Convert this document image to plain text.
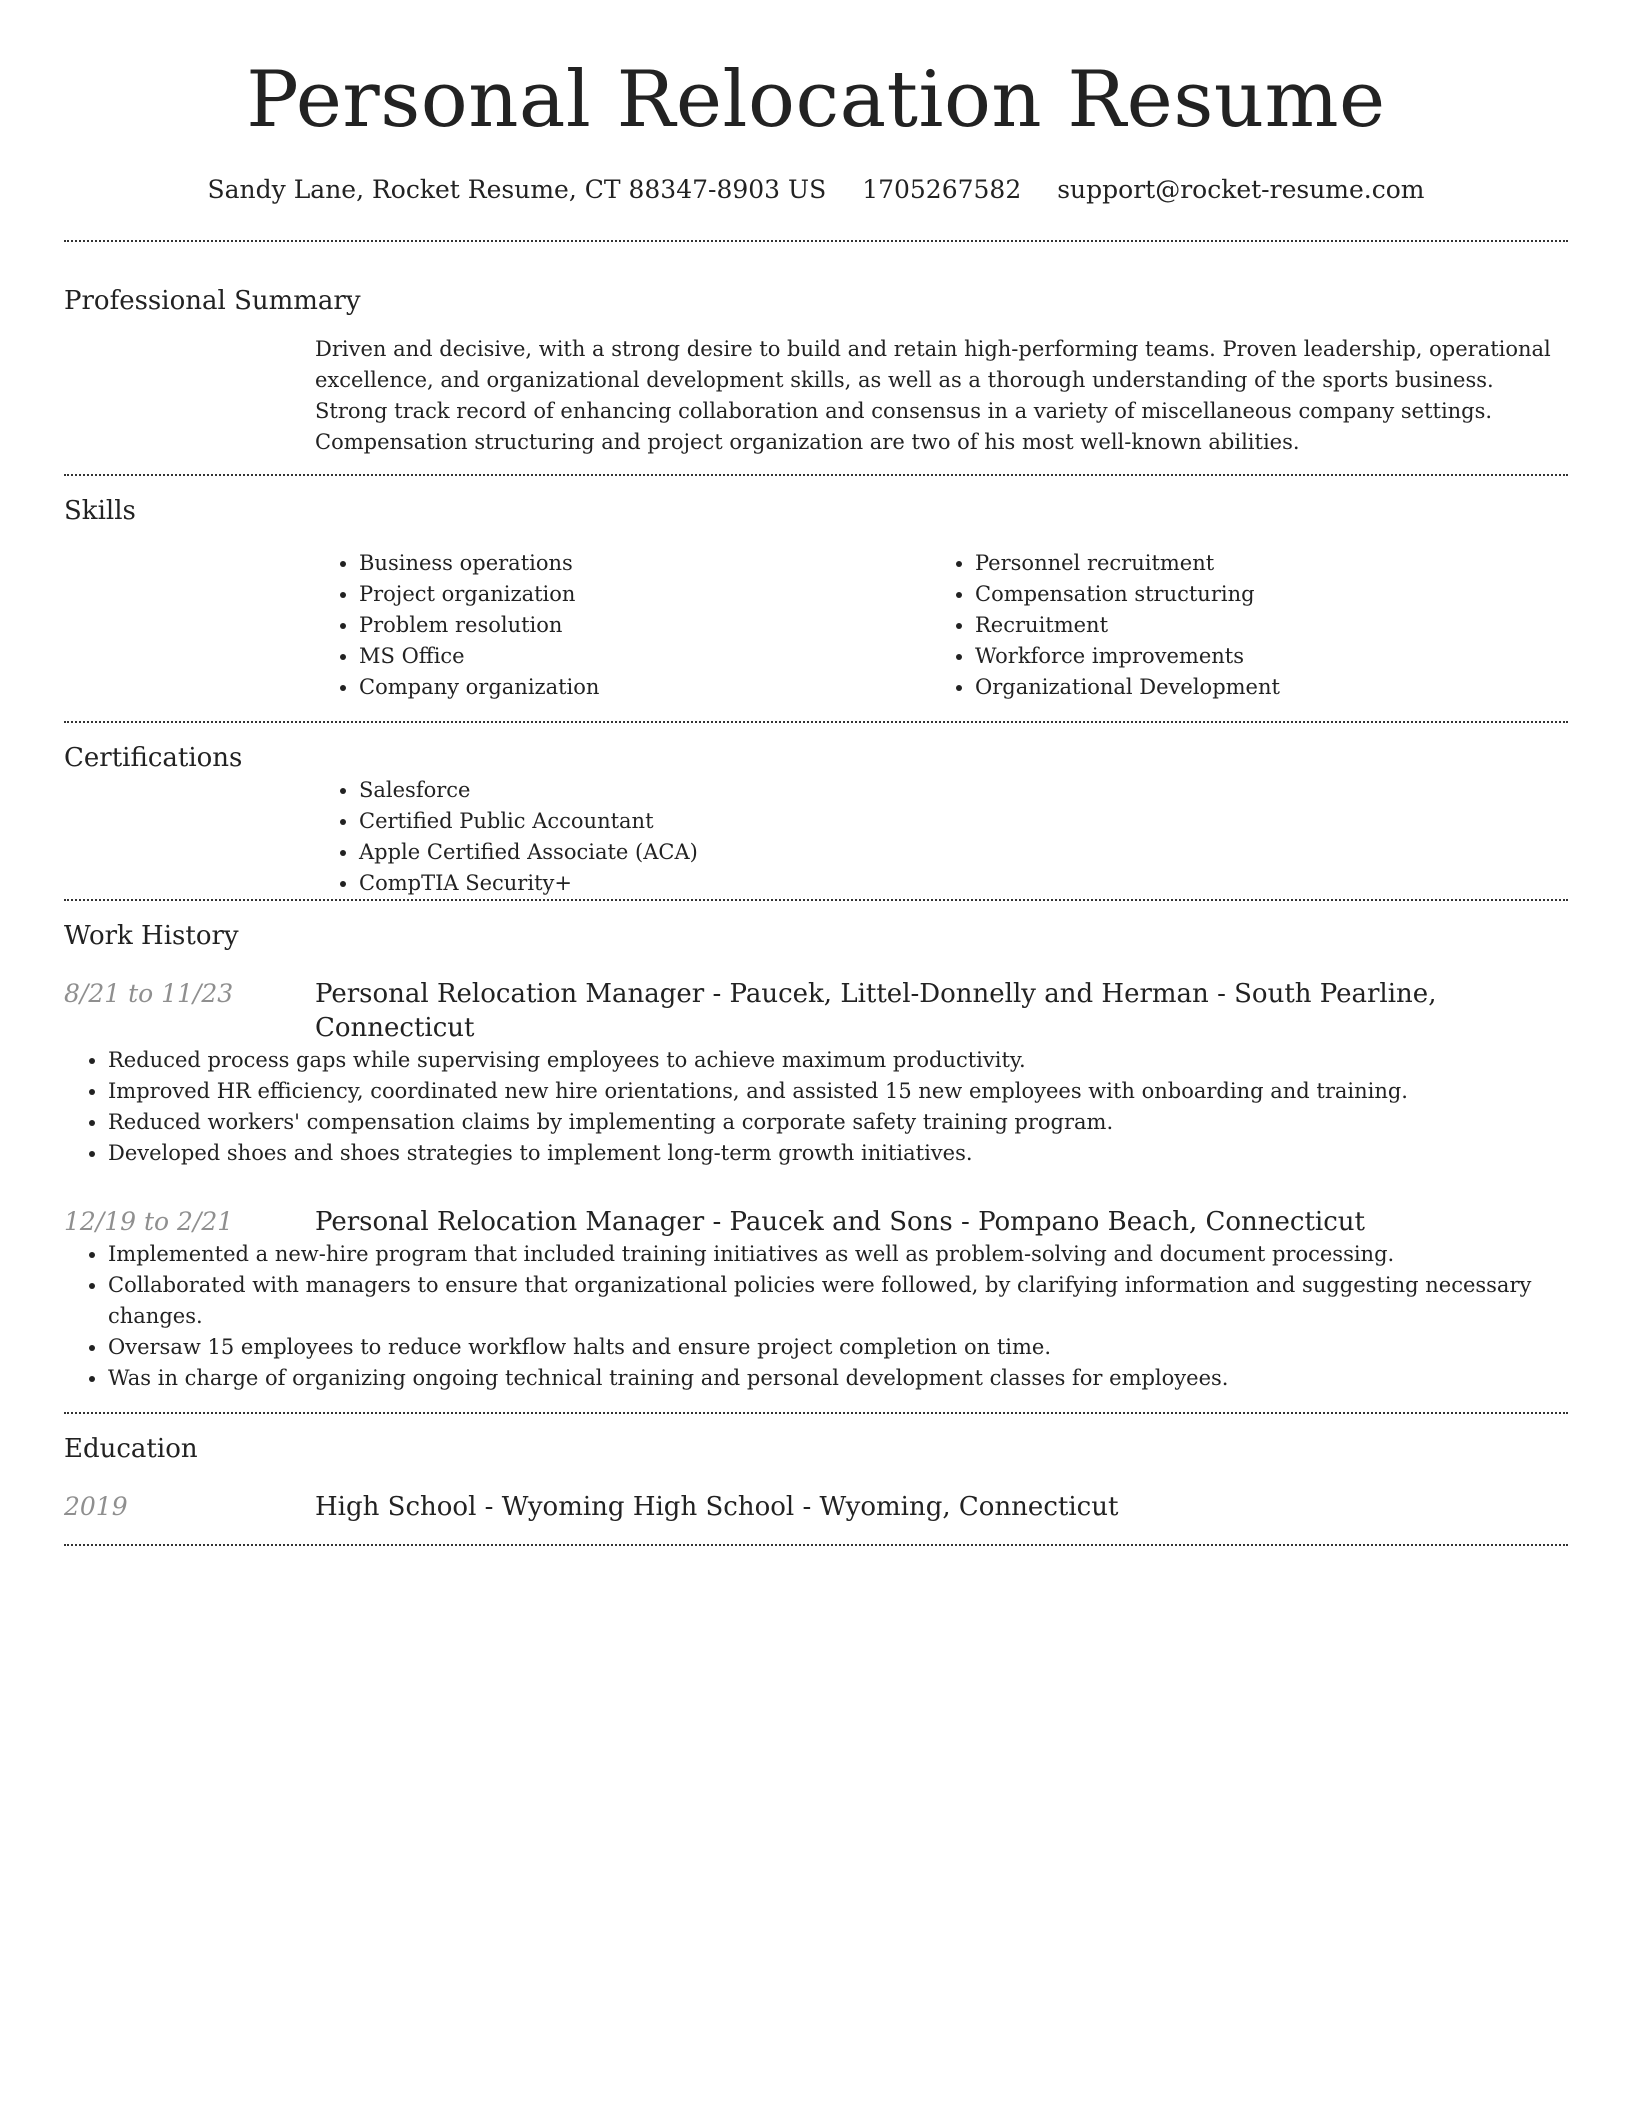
Personal Relocation Resume
Sandy Lane, Rocket Resume, CT 88347-8903 US 1705267582 support@rocket-resume.com
Professional Summary

Driven and decisive, with a strong desire to build and retain high-performing teams. Proven leadership, operational excellence, and organizational development skills, as well as a thorough understanding of the sports business. Strong track record of enhancing collaboration and consensus in a variety of miscellaneous company settings. Compensation structuring and project organization are two of his most well-known abilities.

Skills
• Business operations
• Project organization
• Problem resolution
• MS Office
• Company organization
• Personnel recruitment
• Compensation structuring
• Recruitment
• Workforce improvements
• Organizational Development
Certifications
• Salesforce
• Certified Public Accountant
• Apple Certified Associate (ACA)
• CompTIA Security+
Work History
8/21 to 11/23	Personal Relocation Manager - Paucek, Littel-Donnelly and Herman - South Pearline, Connecticut
• Reduced process gaps while supervising employees to achieve maximum productivity.
• Improved HR efficiency, coordinated new hire orientations, and assisted 15 new employees with onboarding and training.
• Reduced workers' compensation claims by implementing a corporate safety training program.
• Developed shoes and shoes strategies to implement long-term growth initiatives.
12/19 to 2/21	Personal Relocation Manager - Paucek and Sons - Pompano Beach, Connecticut
• Implemented a new-hire program that included training initiatives as well as problem-solving and document processing.
• Collaborated with managers to ensure that organizational policies were followed, by clarifying information and suggesting necessary changes.
• Oversaw 15 employees to reduce workflow halts and ensure project completion on time.
• Was in charge of organizing ongoing technical training and personal development classes for employees.
Education
2019	High School - Wyoming High School - Wyoming, Connecticut
